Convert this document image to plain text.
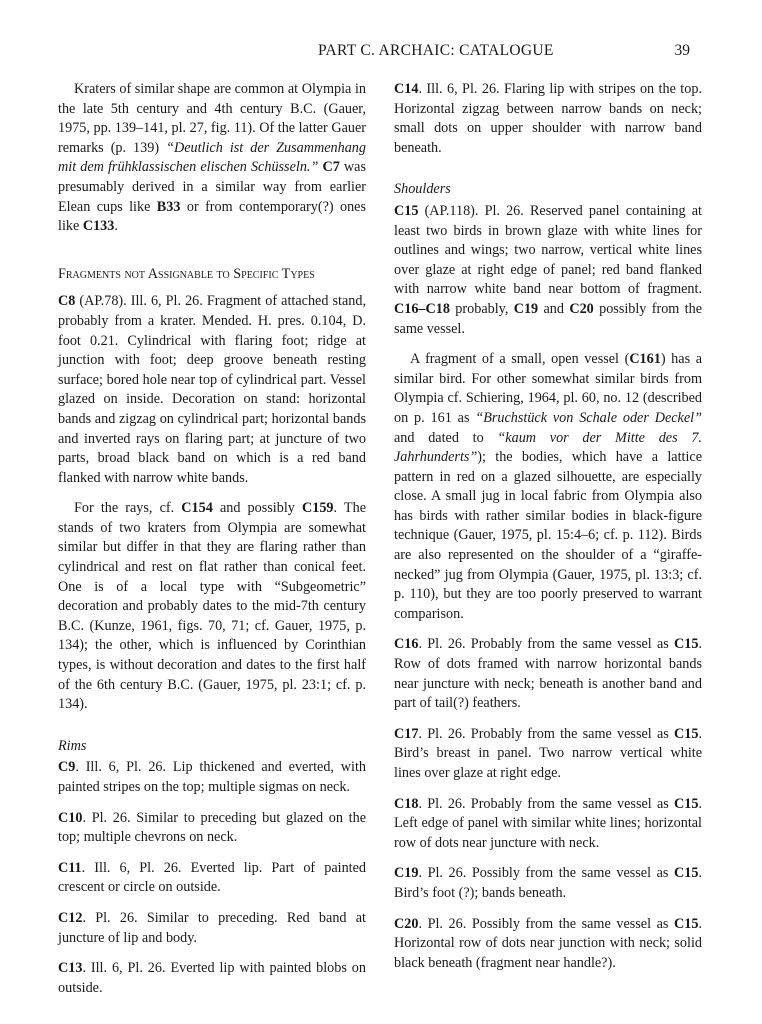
PART C. ARCHAIC: CATALOGUE	39

Kraters of similar shape are common at Olympia in the late 5th century and 4th century B.C. (Gauer, 1975, pp. 139–141, pl. 27, fig. 11). Of the latter Gauer remarks (p. 139) “Deutlich ist der Zusammenhang mit dem frühklassischen elischen Schüsseln.” C7 was presumably derived in a similar way from earlier Elean cups like B33 or from contemporary(?) ones like C133.

Fragments not Assignable to Specific Types

C8 (AP.78). Ill. 6, Pl. 26. Fragment of attached stand, probably from a krater. Mended. H. pres. 0.104, D. foot 0.21. Cylindrical with flaring foot; ridge at junction with foot; deep groove beneath resting surface; bored hole near top of cylindrical part. Vessel glazed on inside. Decoration on stand: horizontal bands and zigzag on cylindrical part; horizontal bands and inverted rays on flaring part; at juncture of two parts, broad black band on which is a red band flanked with narrow white bands.

For the rays, cf. C154 and possibly C159. The stands of two kraters from Olympia are somewhat similar but differ in that they are flaring rather than cylindrical and rest on flat rather than conical feet. One is of a local type with “Subgeometric” decoration and probably dates to the mid-7th century B.C. (Kunze, 1961, figs. 70, 71; cf. Gauer, 1975, p. 134); the other, which is influenced by Corinthian types, is without decoration and dates to the first half of the 6th century B.C. (Gauer, 1975, pl. 23:1; cf. p. 134).

Rims

C9. Ill. 6, Pl. 26. Lip thickened and everted, with painted stripes on the top; multiple sigmas on neck.

C10. Pl. 26. Similar to preceding but glazed on the top; multiple chevrons on neck.

C11. Ill. 6, Pl. 26. Everted lip. Part of painted crescent or circle on outside.

C12. Pl. 26. Similar to preceding. Red band at juncture of lip and body.

C13. Ill. 6, Pl. 26. Everted lip with painted blobs on outside.

C14. Ill. 6, Pl. 26. Flaring lip with stripes on the top. Horizontal zigzag between narrow bands on neck; small dots on upper shoulder with narrow band beneath.

Shoulders

C15 (AP.118). Pl. 26. Reserved panel containing at least two birds in brown glaze with white lines for outlines and wings; two narrow, vertical white lines over glaze at right edge of panel; red band flanked with narrow white band near bottom of fragment. C16–C18 probably, C19 and C20 possibly from the same vessel.

A fragment of a small, open vessel (C161) has a similar bird. For other somewhat similar birds from Olympia cf. Schiering, 1964, pl. 60, no. 12 (described on p. 161 as “Bruchstück von Schale oder Deckel” and dated to “kaum vor der Mitte des 7. Jahrhunderts”); the bodies, which have a lattice pattern in red on a glazed silhouette, are especially close. A small jug in local fabric from Olympia also has birds with rather similar bodies in black-figure technique (Gauer, 1975, pl. 15:4–6; cf. p. 112). Birds are also represented on the shoulder of a “giraffe-necked” jug from Olympia (Gauer, 1975, pl. 13:3; cf. p. 110), but they are too poorly preserved to warrant comparison.

C16. Pl. 26. Probably from the same vessel as C15. Row of dots framed with narrow horizontal bands near juncture with neck; beneath is another band and part of tail(?) feathers.

C17. Pl. 26. Probably from the same vessel as C15. Bird’s breast in panel. Two narrow vertical white lines over glaze at right edge.

C18. Pl. 26. Probably from the same vessel as C15. Left edge of panel with similar white lines; horizontal row of dots near juncture with neck.

C19. Pl. 26. Possibly from the same vessel as C15. Bird’s foot (?); bands beneath.

C20. Pl. 26. Possibly from the same vessel as C15. Horizontal row of dots near junction with neck; solid black beneath (fragment near handle?).
